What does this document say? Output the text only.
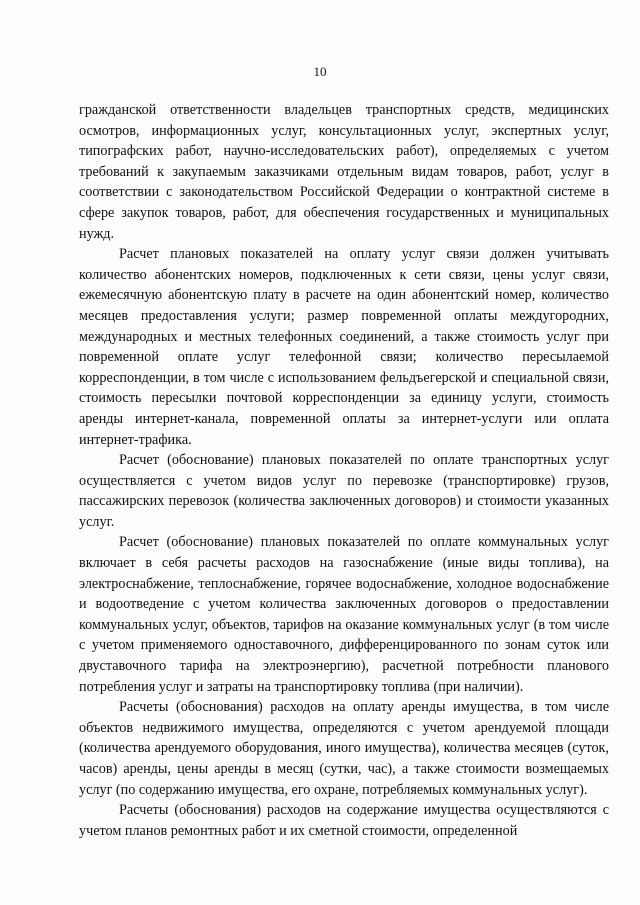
10

гражданской ответственности владельцев транспортных средств, медицинских осмотров, информационных услуг, консультационных услуг, экспертных услуг, типографских работ, научно-исследовательских работ), определяемых с учетом требований к закупаемым заказчиками отдельным видам товаров, работ, услуг в соответствии с законодательством Российской Федерации о контрактной системе в сфере закупок товаров, работ, для обеспечения государственных и муниципальных нужд.

Расчет плановых показателей на оплату услуг связи должен учитывать количество абонентских номеров, подключенных к сети связи, цены услуг связи, ежемесячную абонентскую плату в расчете на один абонентский номер, количество месяцев предоставления услуги; размер повременной оплаты междугородних, международных и местных телефонных соединений, а также стоимость услуг при повременной оплате услуг телефонной связи; количество пересылаемой корреспонденции, в том числе с использованием фельдъегерской и специальной связи, стоимость пересылки почтовой корреспонденции за единицу услуги, стоимость аренды интернет-канала, повременной оплаты за интернет-услуги или оплата интернет-трафика.

Расчет (обоснование) плановых показателей по оплате транспортных услуг осуществляется с учетом видов услуг по перевозке (транспортировке) грузов, пассажирских перевозок (количества заключенных договоров) и стоимости указанных услуг.

Расчет (обоснование) плановых показателей по оплате коммунальных услуг включает в себя расчеты расходов на газоснабжение (иные виды топлива), на электроснабжение, теплоснабжение, горячее водоснабжение, холодное водоснабжение и водоотведение с учетом количества заключенных договоров о предоставлении коммунальных услуг, объектов, тарифов на оказание коммунальных услуг (в том числе с учетом применяемого одноставочного, дифференцированного по зонам суток или двуставочного тарифа на электроэнергию), расчетной потребности планового потребления услуг и затраты на транспортировку топлива (при наличии).

Расчеты (обоснования) расходов на оплату аренды имущества, в том числе объектов недвижимого имущества, определяются с учетом арендуемой площади (количества арендуемого оборудования, иного имущества), количества месяцев (суток, часов) аренды, цены аренды в месяц (сутки, час), а также стоимости возмещаемых услуг (по содержанию имущества, его охране, потребляемых коммунальных услуг).

Расчеты (обоснования) расходов на содержание имущества осуществляются с учетом планов ремонтных работ и их сметной стоимости, определенной
